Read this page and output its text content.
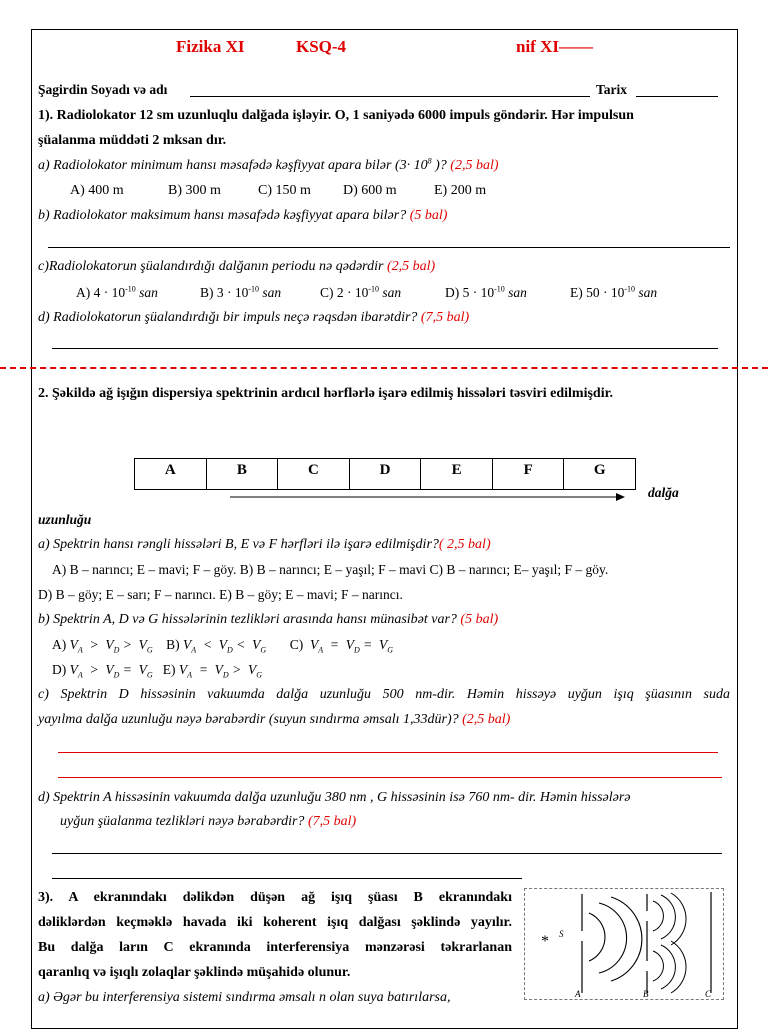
Fizika XI	KSQ-4	nif XI——
Şagirdin Soyadı və adı	Tarix
1). Radiolokator 12 sm uzunluqlu dalğada işləyir. O, 1 saniyədə 6000 impuls göndərir. Hər impulsun
şüalanma müddəti 2 mksan dır.
a) Radiolokator minimum hansı məsafədə kəşfiyyat apara bilər ($3\cdot 10^8$ )? (2,5 bal)
A) 400 m	B) 300 m	C) 150 m D) 600 m	E) 200 m
b) Radiolokator maksimum hansı məsafədə kəşfiyyat apara bilər? (5 bal)
c)Radiolokatorun şüalandırdığı dalğanın periodu nə qədərdir (2,5 bal)
A) $4 \cdot 10^{-10}$ san	B) $3 \cdot 10^{-10}$ san	C) $2 \cdot 10^{-10}$ san	D) $5 \cdot 10^{-10}$ san	E) $50 \cdot 10^{-10}$ san
d) Radiolokatorun şüalandırdığı bir impuls neçə rəqsdən ibarətdir? (7,5 bal)
2. Şəkildə ağ işığın dispersiya spektrinin ardıcıl hərflərlə işarə edilmiş hissələri təsviri edilmişdir.
A	B	C	D	E	F	G
dalğa
uzunluğu
a) Spektrin hansı rəngli hissələri B, E və F hərfləri ilə işarə edilmişdir?( 2,5 bal)
A) B – narıncı; E – mavi; F – göy. B) B – narıncı; E – yaşıl; F – mavi C) B – narıncı; E– yaşıl; F – göy.
D) B – göy; E – sarı; F – narıncı. E) B – göy; E – mavi; F – narıncı.
b) Spektrin A, D və G hissələrinin tezlikləri arasında hansı münasibət var? (5 bal)
A) $V_A > V_D > V_G$ B) $V_A < V_D < V_G$ C)  $V_A = V_D = V_G$
D) $V_A > V_D = V_G$ E) $V_A = V_D > V_G$
c) Spektrin D hissəsinin vakuumda dalğa uzunluğu 500 nm-dir. Həmin hissəyə uyğun işıq şüasının suda
yayılma dalğa uzunluğu nəyə bərabərdir (suyun sındırma əmsalı 1,33dür)? (2,5 bal)
d) Spektrin A hissəsinin vakuumda dalğa uzunluğu 380 nm , G hissəsinin isə 760 nm- dir. Həmin hissələrə
uyğun şüalanma tezlikləri nəyə bərabərdir? (7,5 bal)
3). A ekranındakı dəlikdən düşən ağ işıq şüası B ekranındakı
dəliklərdən keçməklə havada iki koherent işıq dalğası şəklində yayılır.
Bu dalğa ların C ekranında interferensiya mənzərəsi təkrarlanan
qaranlıq və işıqlı zolaqlar şəklində müşahidə olunur.
a) Əgər bu interferensiya sistemi sındırma əmsalı n olan suya batırılarsa,
* S
A	B	C
